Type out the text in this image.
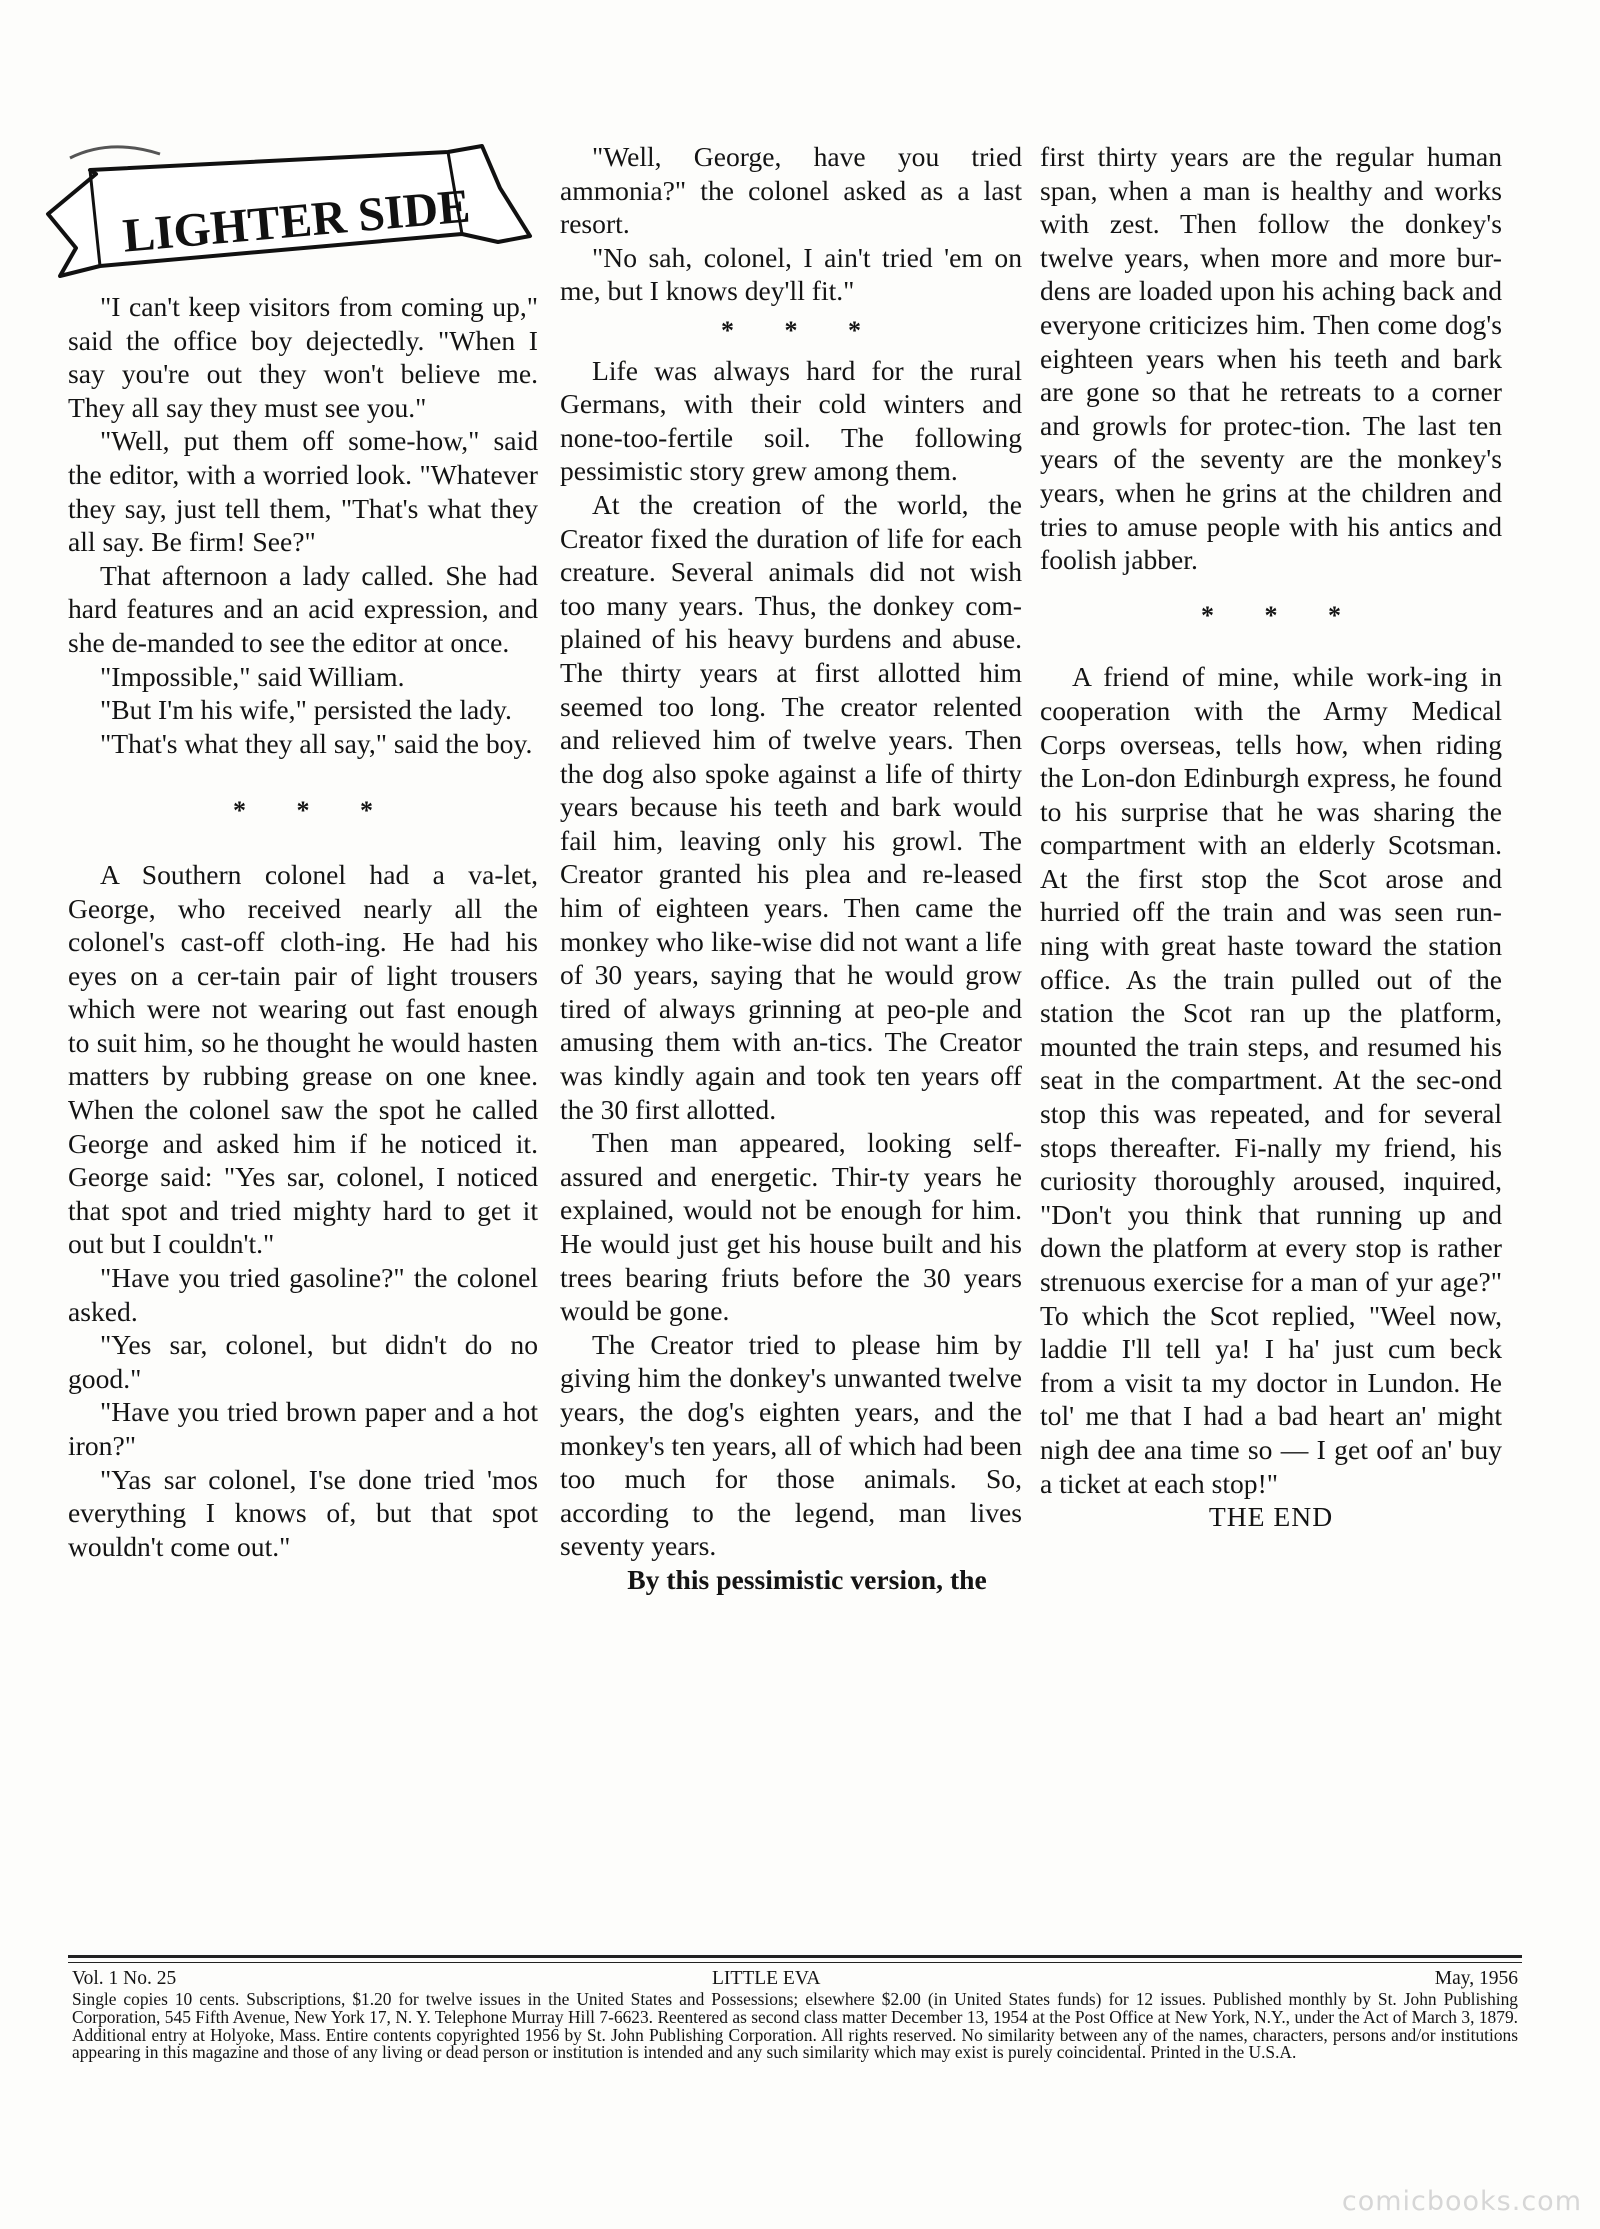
LIGHTER SIDE

"I can't keep visitors from coming up," said the office boy dejectedly. "When I say you're out they won't believe me. They all say they must see you."

"Well, put them off some-how," said the editor, with a worried look. "Whatever they say, just tell them, "That's what they all say. Be firm! See?"

That afternoon a lady called. She had hard features and an acid expression, and she de-manded to see the editor at once.

"Impossible," said William.

"But I'm his wife," persisted the lady.

"That's what they all say," said the boy.

* * *

A Southern colonel had a va-let, George, who received nearly all the colonel's cast-off cloth-ing. He had his eyes on a cer-tain pair of light trousers which were not wearing out fast enough to suit him, so he thought he would hasten matters by rubbing grease on one knee. When the colonel saw the spot he called George and asked him if he noticed it. George said: "Yes sar, colonel, I noticed that spot and tried mighty hard to get it out but I couldn't."

"Have you tried gasoline?" the colonel asked.

"Yes sar, colonel, but didn't do no good."

"Have you tried brown paper and a hot iron?"

"Yas sar colonel, I'se done tried 'mos everything I knows of, but that spot wouldn't come out."

"Well, George, have you tried ammonia?" the colonel asked as a last resort.

"No sah, colonel, I ain't tried 'em on me, but I knows dey'll fit."

* * *

Life was always hard for the rural Germans, with their cold winters and none-too-fertile soil. The following pessimistic story grew among them.

At the creation of the world, the Creator fixed the duration of life for each creature. Several animals did not wish too many years. Thus, the donkey com-plained of his heavy burdens and abuse. The thirty years at first allotted him seemed too long. The creator relented and relieved him of twelve years. Then the dog also spoke against a life of thirty years because his teeth and bark would fail him, leaving only his growl. The Creator granted his plea and re-leased him of eighteen years. Then came the monkey who like-wise did not want a life of 30 years, saying that he would grow tired of always grinning at peo-ple and amusing them with an-tics. The Creator was kindly again and took ten years off the 30 first allotted.

Then man appeared, looking self-assured and energetic. Thir-ty years he explained, would not be enough for him. He would just get his house built and his trees bearing friuts before the 30 years would be gone.

The Creator tried to please him by giving him the donkey's unwanted twelve years, the dog's eighten years, and the monkey's ten years, all of which had been too much for those animals. So, according to the legend, man lives seventy years.

By this pessimistic version, the

first thirty years are the regular human span, when a man is healthy and works with zest. Then follow the donkey's twelve years, when more and more bur-dens are loaded upon his aching back and everyone criticizes him. Then come dog's eighteen years when his teeth and bark are gone so that he retreats to a corner and growls for protec-tion. The last ten years of the seventy are the monkey's years, when he grins at the children and tries to amuse people with his antics and foolish jabber.

* * *

A friend of mine, while work-ing in cooperation with the Army Medical Corps overseas, tells how, when riding the Lon-don Edinburgh express, he found to his surprise that he was sharing the compartment with an elderly Scotsman. At the first stop the Scot arose and hurried off the train and was seen run-ning with great haste toward the station office. As the train pulled out of the station the Scot ran up the platform, mounted the train steps, and resumed his seat in the compartment. At the sec-ond stop this was repeated, and for several stops thereafter. Fi-nally my friend, his curiosity thoroughly aroused, inquired, "Don't you think that running up and down the platform at every stop is rather strenuous exercise for a man of yur age?" To which the Scot replied, "Weel now, laddie I'll tell ya! I ha' just cum beck from a visit ta my doctor in Lundon. He tol' me that I had a bad heart an' might nigh dee ana time so — I get oof an' buy a ticket at each stop!"

THE END

Vol. 1 No. 25	LITTLE EVA	May, 1956
Single copies 10 cents. Subscriptions, $1.20 for twelve issues in the United States and Possessions; elsewhere $2.00 (in United States funds) for 12 issues. Published monthly by St. John Publishing Corporation, 545 Fifth Avenue, New York 17, N. Y. Telephone Murray Hill 7-6623. Reentered as second class matter December 13, 1954 at the Post Office at New York, N.Y., under the Act of March 3, 1879. Additional entry at Holyoke, Mass. Entire contents copyrighted 1956 by St. John Publishing Corporation. All rights reserved. No similarity between any of the names, characters, persons and/or institutions appearing in this magazine and those of any living or dead person or institution is intended and any such similarity which may exist is purely coincidental. Printed in the U.S.A.
comicbooks.com
